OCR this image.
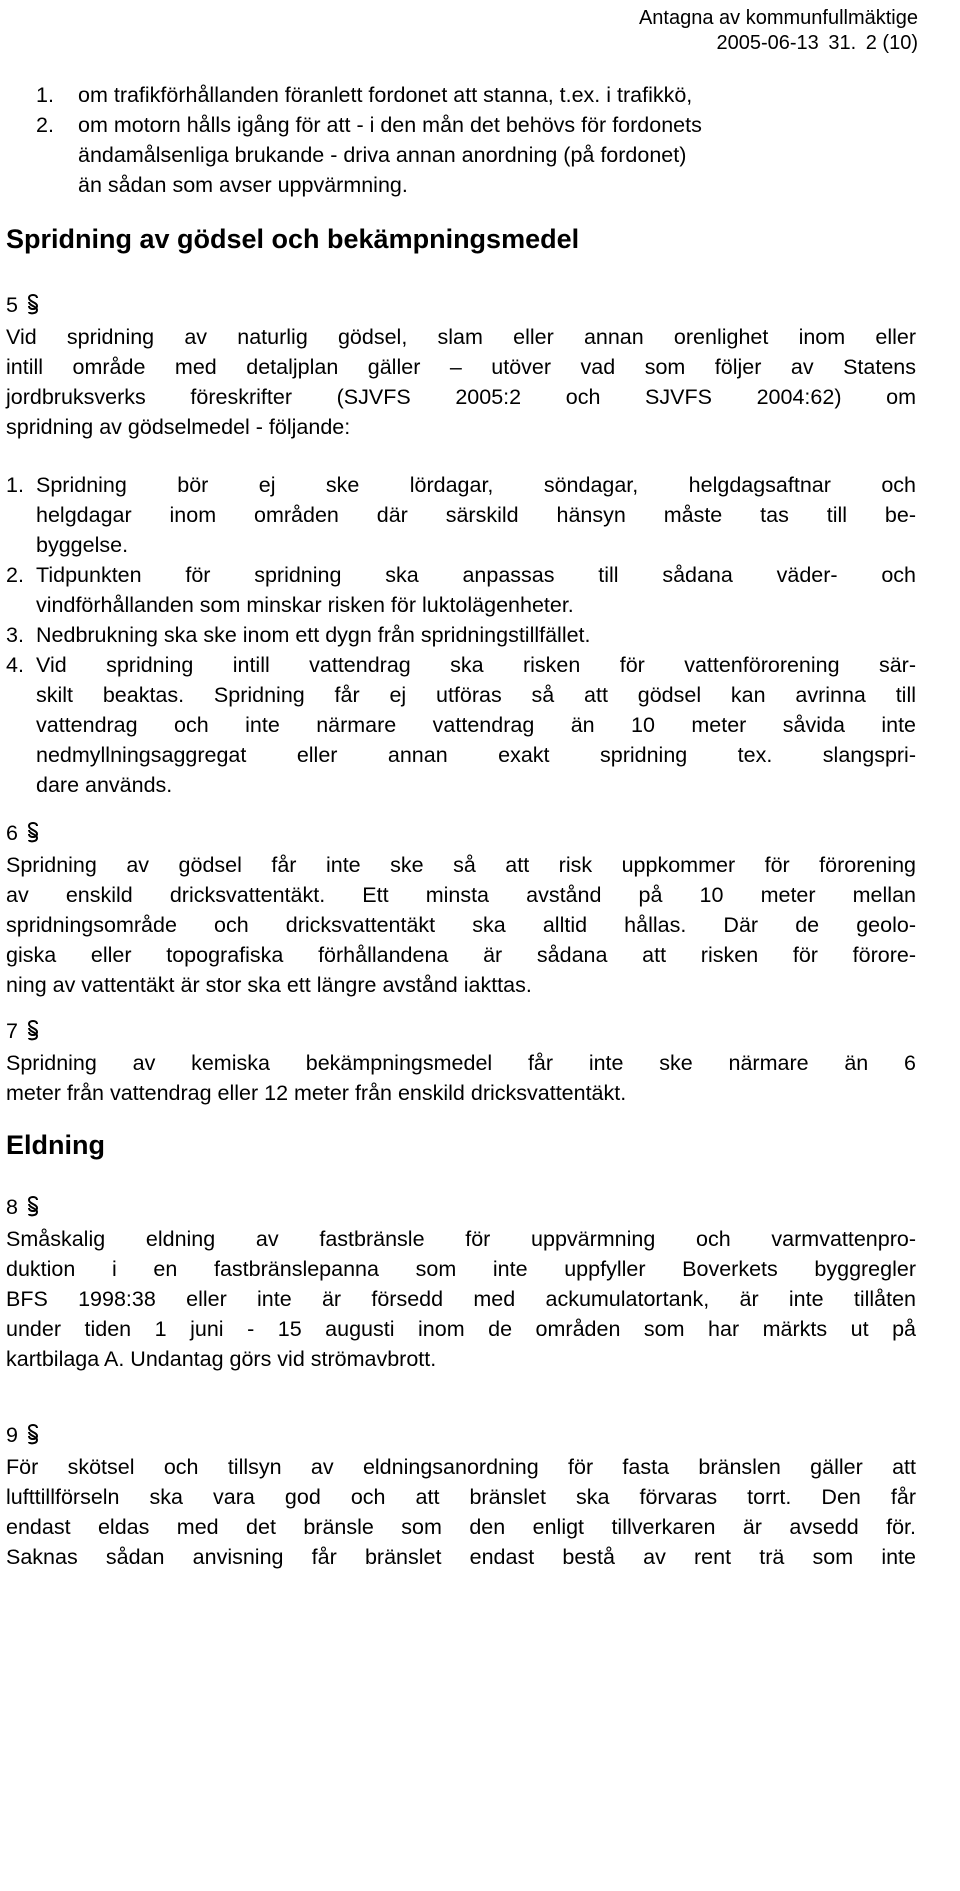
Antagna av kommunfullmäktige
2005-06-13 31. 2 (10)
1. om trafikförhållanden föranlett fordonet att stanna, t.ex. i trafikkö,
2. om motorn hålls igång för att - i den mån det behövs för fordonets
ändamålsenliga brukande - driva annan anordning (på fordonet)
än sådan som avser uppvärmning.
Spridning av gödsel och bekämpningsmedel
5
Vid spridning av naturlig gödsel, slam eller annan orenlighet inom eller
intill område med detaljplan gäller – utöver vad som följer av Statens
jordbruksverks föreskrifter (SJVFS 2005:2 och SJVFS 2004:62) om
spridning av gödselmedel - följande:
1. Spridning bör ej ske lördagar, söndagar, helgdagsaftnar och
helgdagar inom områden där särskild hänsyn måste tas till be-
byggelse.
2. Tidpunkten för spridning ska anpassas till sådana väder- och
vindförhållanden som minskar risken för luktolägenheter.
3. Nedbrukning ska ske inom ett dygn från spridningstillfället.
4. Vid spridning intill vattendrag ska risken för vattenförorening sär-
skilt beaktas. Spridning får ej utföras så att gödsel kan avrinna till
vattendrag och inte närmare vattendrag än 10 meter såvida inte
nedmyllningsaggregat eller annan exakt spridning tex. slangspri-
dare används.
6
Spridning av gödsel får inte ske så att risk uppkommer för förorening
av enskild dricksvattentäkt. Ett minsta avstånd på 10 meter mellan
spridningsområde och dricksvattentäkt ska alltid hållas. Där de geolo-
giska eller topografiska förhållandena är sådana att risken för förore-
ning av vattentäkt är stor ska ett längre avstånd iakttas.
7
Spridning av kemiska bekämpningsmedel får inte ske närmare än 6
meter från vattendrag eller 12 meter från enskild dricksvattentäkt.
Eldning
8
Småskalig eldning av fastbränsle för uppvärmning och varmvattenpro-
duktion i en fastbränslepanna som inte uppfyller Boverkets byggregler
BFS 1998:38 eller inte är försedd med ackumulatortank, är inte tillåten
under tiden 1 juni - 15 augusti inom de områden som har märkts ut på
kartbilaga A. Undantag görs vid strömavbrott.
9
För skötsel och tillsyn av eldningsanordning för fasta bränslen gäller att
lufttillförseln ska vara god och att bränslet ska förvaras torrt. Den får
endast eldas med det bränsle som den enligt tillverkaren är avsedd för.
Saknas sådan anvisning får bränslet endast bestå av rent trä som inte
